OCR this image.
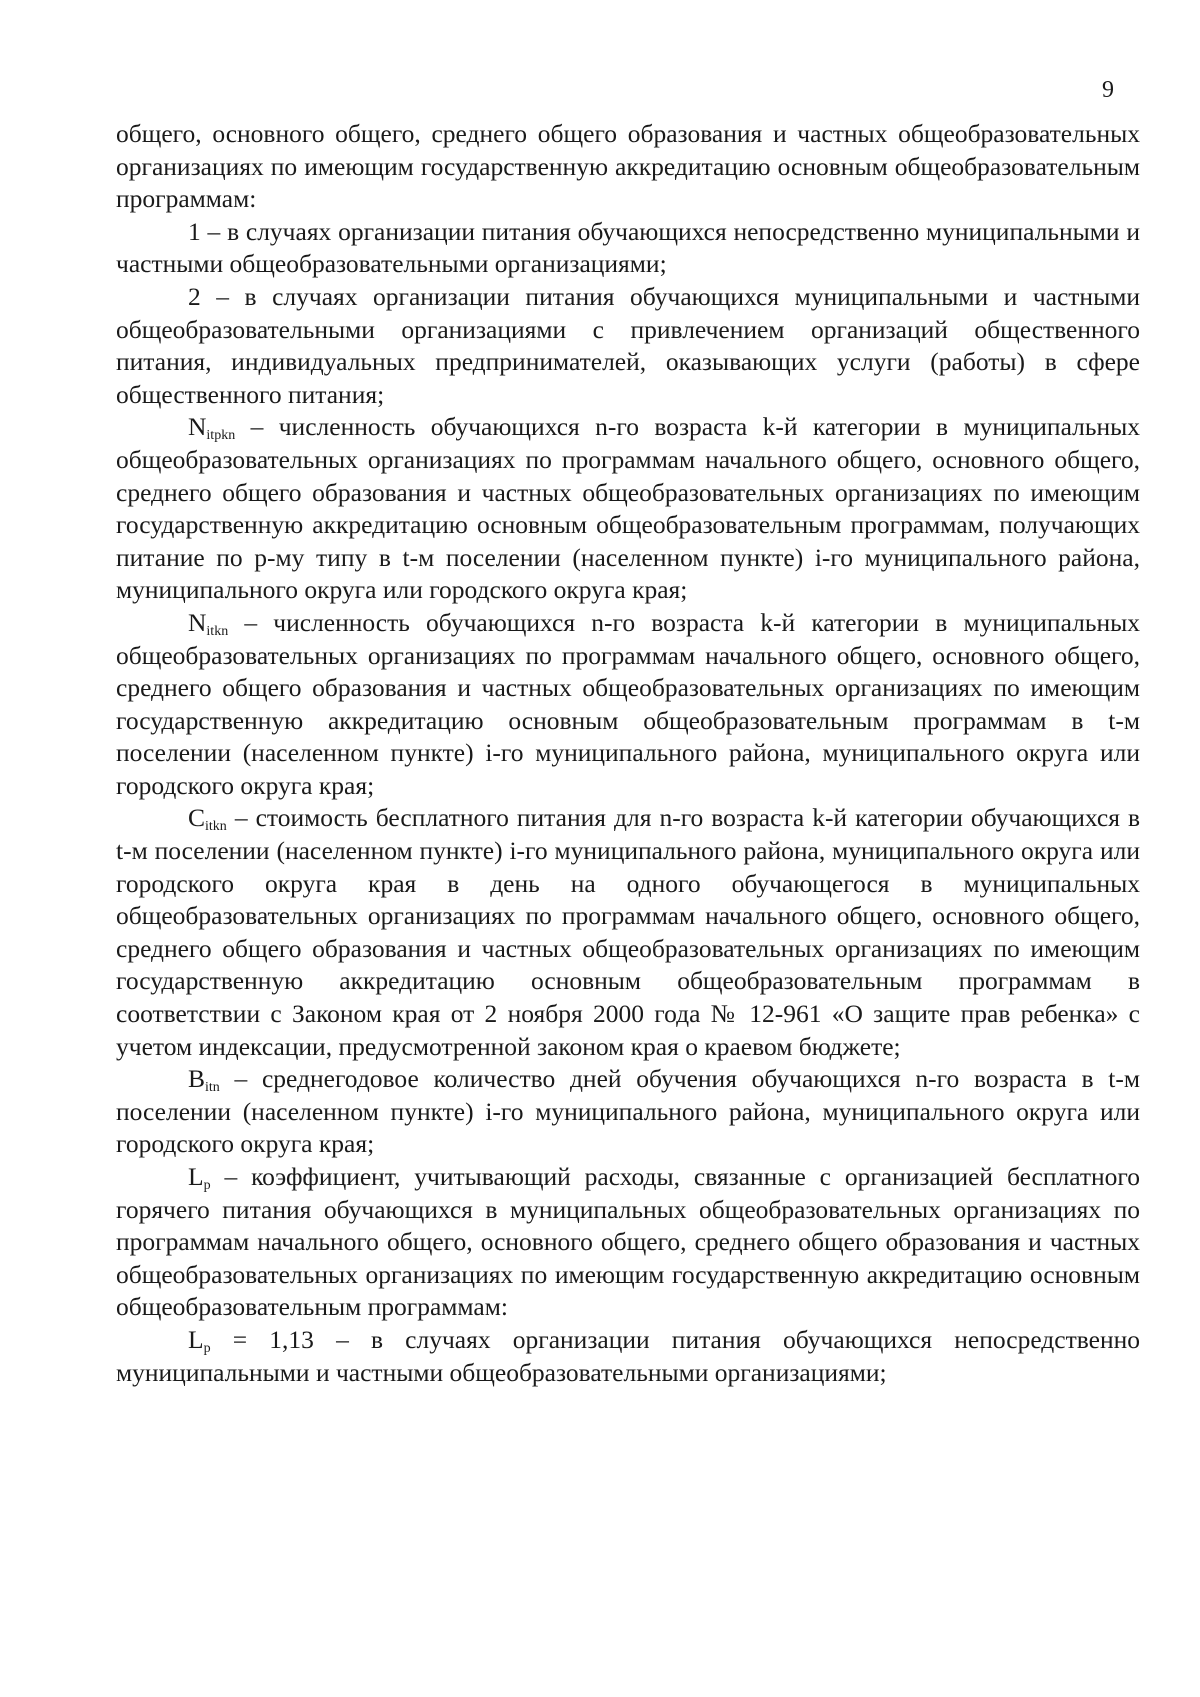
9

общего, основного общего, среднего общего образования и частных общеобразовательных организациях по имеющим государственную аккредитацию основным общеобразовательным программам:

1 – в случаях организации питания обучающихся непосредственно муниципальными и частными общеобразовательными организациями;

2 – в случаях организации питания обучающихся муниципальными и частными общеобразовательными организациями с привлечением организаций общественного питания, индивидуальных предпринимателей, оказывающих услуги (работы) в сфере общественного питания;

$N_{itpkn}$ – численность обучающихся n-го возраста k-й категории в муниципальных общеобразовательных организациях по программам начального общего, основного общего, среднего общего образования и частных общеобразовательных организациях по имеющим государственную аккредитацию основным общеобразовательным программам, получающих питание по р-му типу в t-м поселении (населенном пункте) i-го муниципального района, муниципального округа или городского округа края;

$N_{itkn}$ – численность обучающихся n-го возраста k-й категории в муниципальных общеобразовательных организациях по программам начального общего, основного общего, среднего общего образования и частных общеобразовательных организациях по имеющим государственную аккредитацию основным общеобразовательным программам в t-м поселении (населенном пункте) i-го муниципального района, муниципального округа или городского округа края;

$C_{itkn}$ – стоимость бесплатного питания для n-го возраста k-й категории обучающихся в t-м поселении (населенном пункте) i-го муниципального района, муниципального округа или городского округа края в день на одного обучающегося в муниципальных общеобразовательных организациях по программам начального общего, основного общего, среднего общего образования и частных общеобразовательных организациях по имеющим государственную аккредитацию основным общеобразовательным программам в соответствии с Законом края от 2 ноября 2000 года № 12-961 «О защите прав ребенка» с учетом индексации, предусмотренной законом края о краевом бюджете;

$B_{itn}$ – среднегодовое количество дней обучения обучающихся n-го возраста в t-м поселении (населенном пункте) i-го муниципального района, муниципального округа или городского округа края;

$L_p$ – коэффициент, учитывающий расходы, связанные с организацией бесплатного горячего питания обучающихся в муниципальных общеобразовательных организациях по программам начального общего, основного общего, среднего общего образования и частных общеобразовательных организациях по имеющим государственную аккредитацию основным общеобразовательным программам:

$L_p = 1,13 - в$ случаях организации питания обучающихся непосредственно муниципальными и частными общеобразовательными организациями;
